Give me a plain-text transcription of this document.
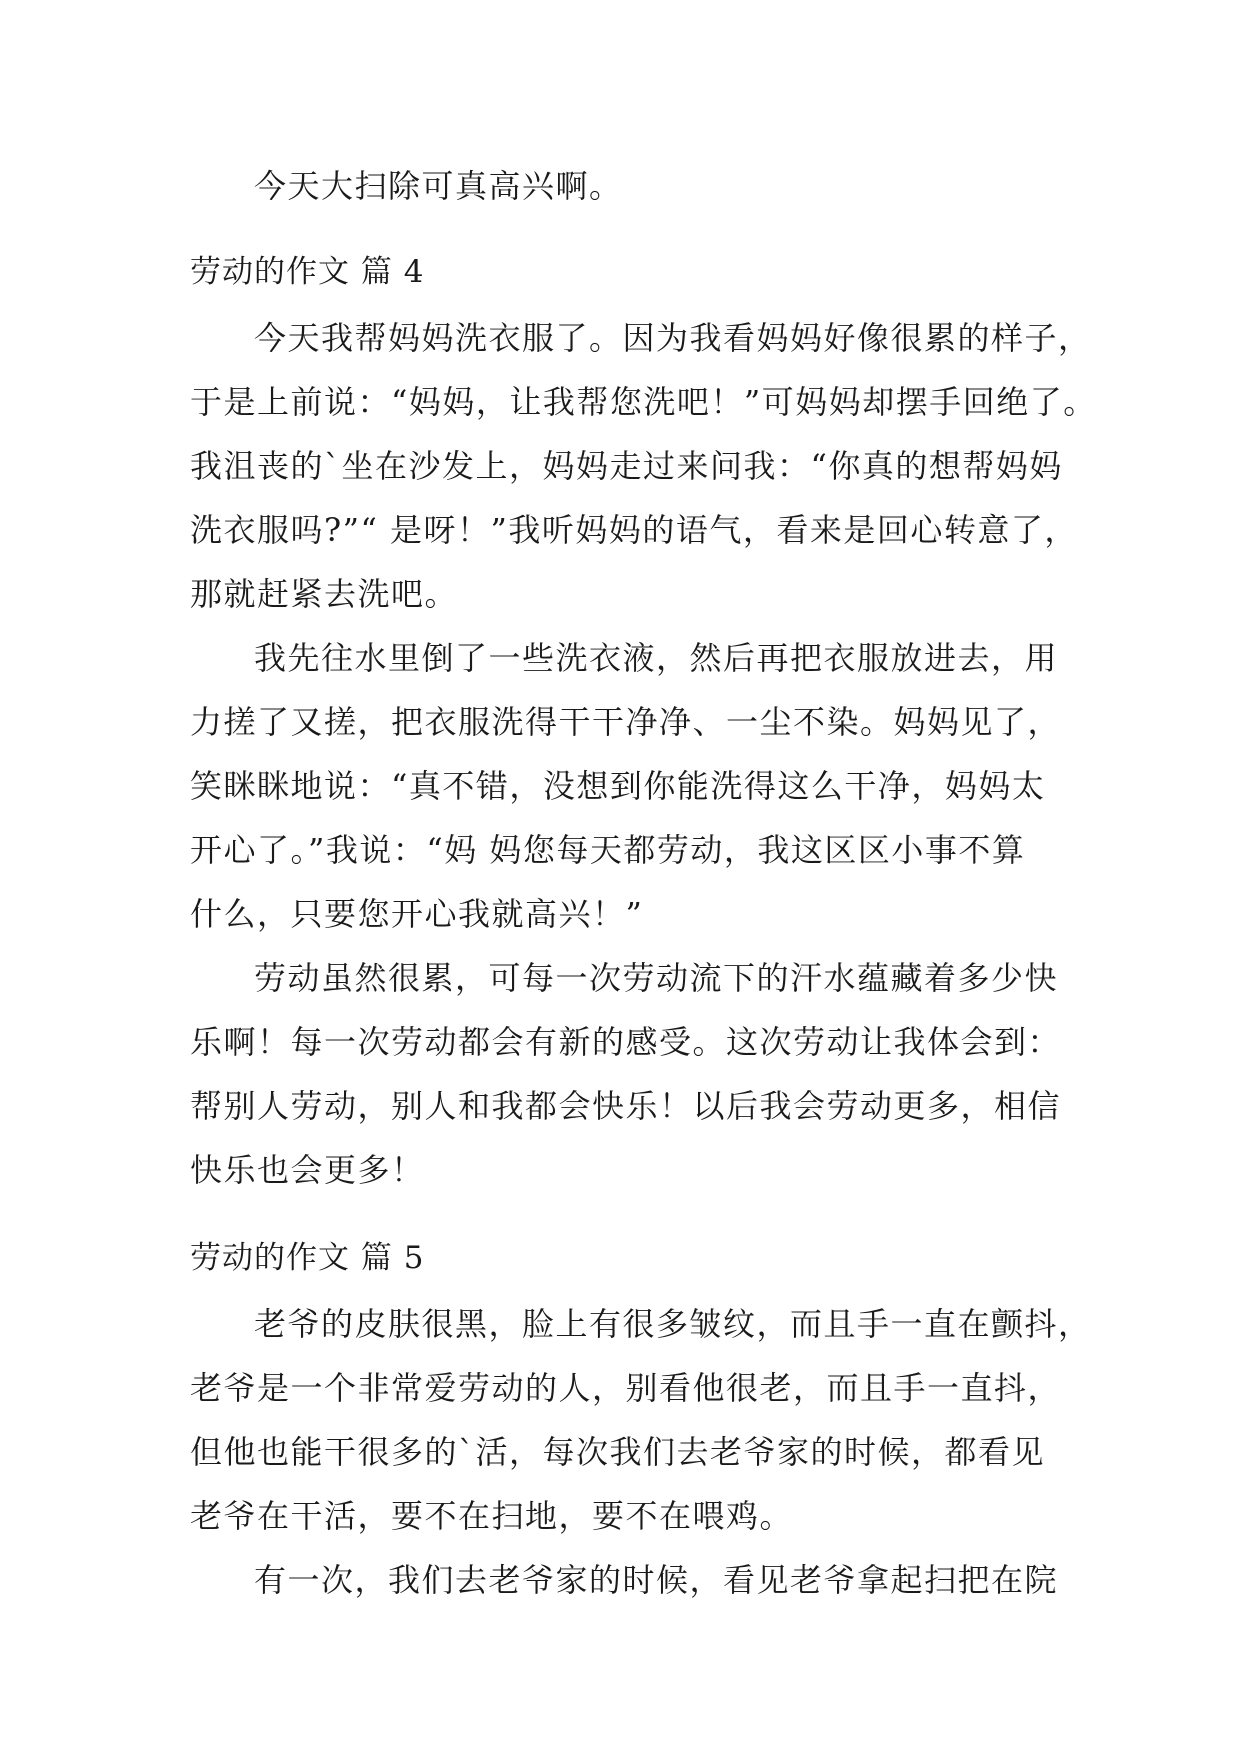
今天大扫除可真高兴啊。
劳动的作文 篇 4
今天我帮妈妈洗衣服了。因为我看妈妈好像很累的样子，
于是上前说：“妈妈，让我帮您洗吧！”可妈妈却摆手回绝了。
我沮丧的`坐在沙发上，妈妈走过来问我：“你真的想帮妈妈
洗衣服吗?”“ 是呀！”我听妈妈的语气，看来是回心转意了，
那就赶紧去洗吧。
我先往水里倒了一些洗衣液，然后再把衣服放进去，用
力搓了又搓，把衣服洗得干干净净、一尘不染。妈妈见了，
笑眯眯地说：“真不错，没想到你能洗得这么干净，妈妈太
开心了。”我说：“妈 妈您每天都劳动，我这区区小事不算
什么，只要您开心我就高兴！”
劳动虽然很累，可每一次劳动流下的汗水蕴藏着多少快
乐啊！每一次劳动都会有新的感受。这次劳动让我体会到：
帮别人劳动，别人和我都会快乐！以后我会劳动更多，相信
快乐也会更多！
劳动的作文 篇 5
老爷的皮肤很黑，脸上有很多皱纹，而且手一直在颤抖，
老爷是一个非常爱劳动的人，别看他很老，而且手一直抖，
但他也能干很多的`活，每次我们去老爷家的时候，都看见
老爷在干活，要不在扫地，要不在喂鸡。
有一次，我们去老爷家的时候，看见老爷拿起扫把在院
